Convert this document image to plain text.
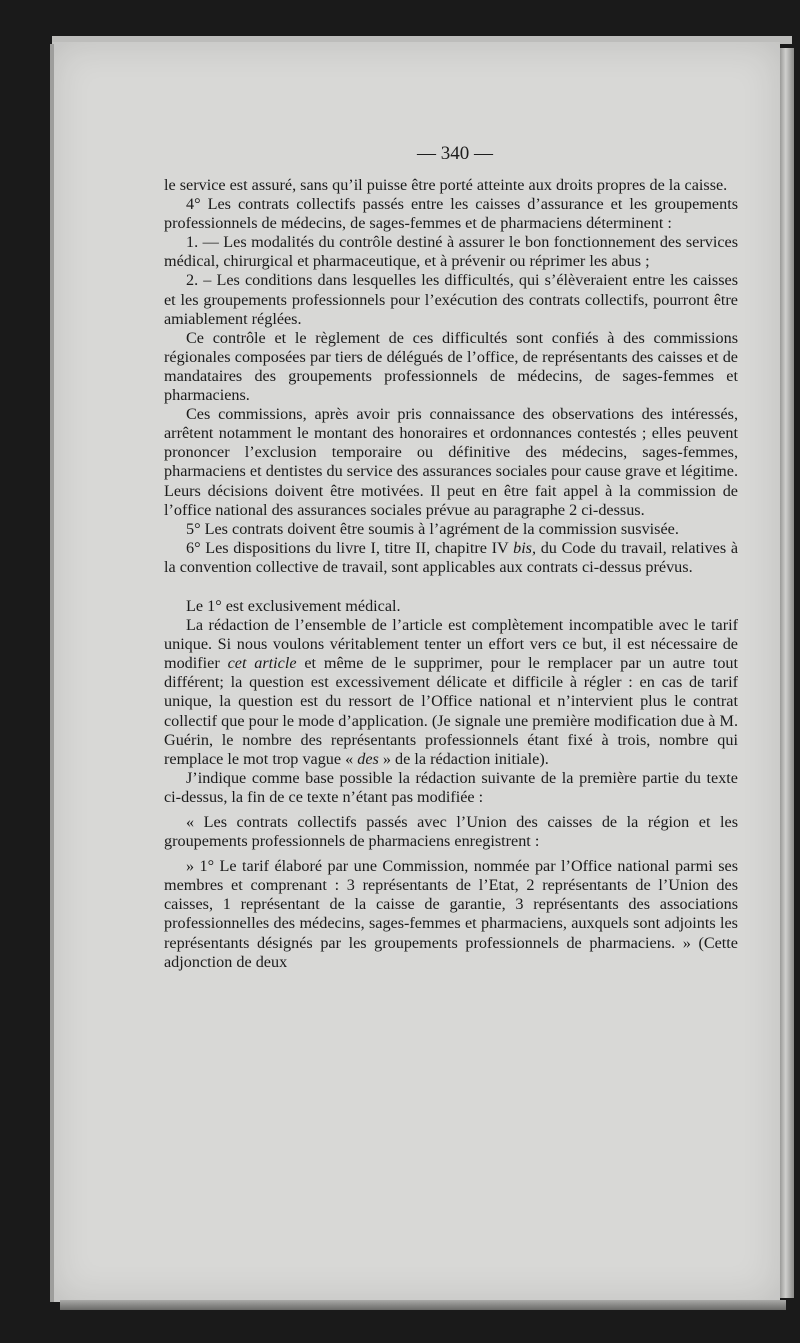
— 340 —

le service est assuré, sans qu’il puisse être porté atteinte aux droits propres de la caisse.

4° Les contrats collectifs passés entre les caisses d’assurance et les groupements professionnels de médecins, de sages-femmes et de pharmaciens déterminent :

1. — Les modalités du contrôle destiné à assurer le bon fonctionnement des services médical, chirurgical et pharmaceutique, et à prévenir ou réprimer les abus ;

2. – Les conditions dans lesquelles les difficultés, qui s’élèveraient entre les caisses et les groupements professionnels pour l’exécution des contrats collectifs, pourront être amiablement réglées.

Ce contrôle et le règlement de ces difficultés sont confiés à des commissions régionales composées par tiers de délégués de l’office, de représentants des caisses et de mandataires des groupements professionnels de médecins, de sages-femmes et pharmaciens.

Ces commissions, après avoir pris connaissance des observations des intéressés, arrêtent notamment le montant des honoraires et ordonnances contestés ; elles peuvent prononcer l’exclusion temporaire ou définitive des médecins, sages-femmes, pharmaciens et dentistes du service des assurances sociales pour cause grave et légitime. Leurs décisions doivent être motivées. Il peut en être fait appel à la commission de l’office national des assurances sociales prévue au paragraphe 2 ci-dessus.

5° Les contrats doivent être soumis à l’agrément de la commission susvisée.

6° Les dispositions du livre I, titre II, chapitre IV bis, du Code du travail, relatives à la convention collective de travail, sont applicables aux contrats ci-dessus prévus.

Le 1° est exclusivement médical.

La rédaction de l’ensemble de l’article est complètement incompatible avec le tarif unique. Si nous voulons véritablement tenter un effort vers ce but, il est nécessaire de modifier cet article et même de le supprimer, pour le remplacer par un autre tout différent; la question est excessivement délicate et difficile à régler : en cas de tarif unique, la question est du ressort de l’Office national et n’intervient plus le contrat collectif que pour le mode d’application. (Je signale une première modification due à M. Guérin, le nombre des représentants professionnels étant fixé à trois, nombre qui remplace le mot trop vague « des » de la rédaction initiale).

J’indique comme base possible la rédaction suivante de la première partie du texte ci-dessus, la fin de ce texte n’étant pas modifiée :

« Les contrats collectifs passés avec l’Union des caisses de la région et les groupements professionnels de pharmaciens enregistrent :

» 1° Le tarif élaboré par une Commission, nommée par l’Office national parmi ses membres et comprenant : 3 représentants de l’Etat, 2 représentants de l’Union des caisses, 1 représentant de la caisse de garantie, 3 représentants des associations professionnelles des médecins, sages-femmes et pharmaciens, auxquels sont adjoints les représentants désignés par les groupements professionnels de pharmaciens. » (Cette adjonction de deux
